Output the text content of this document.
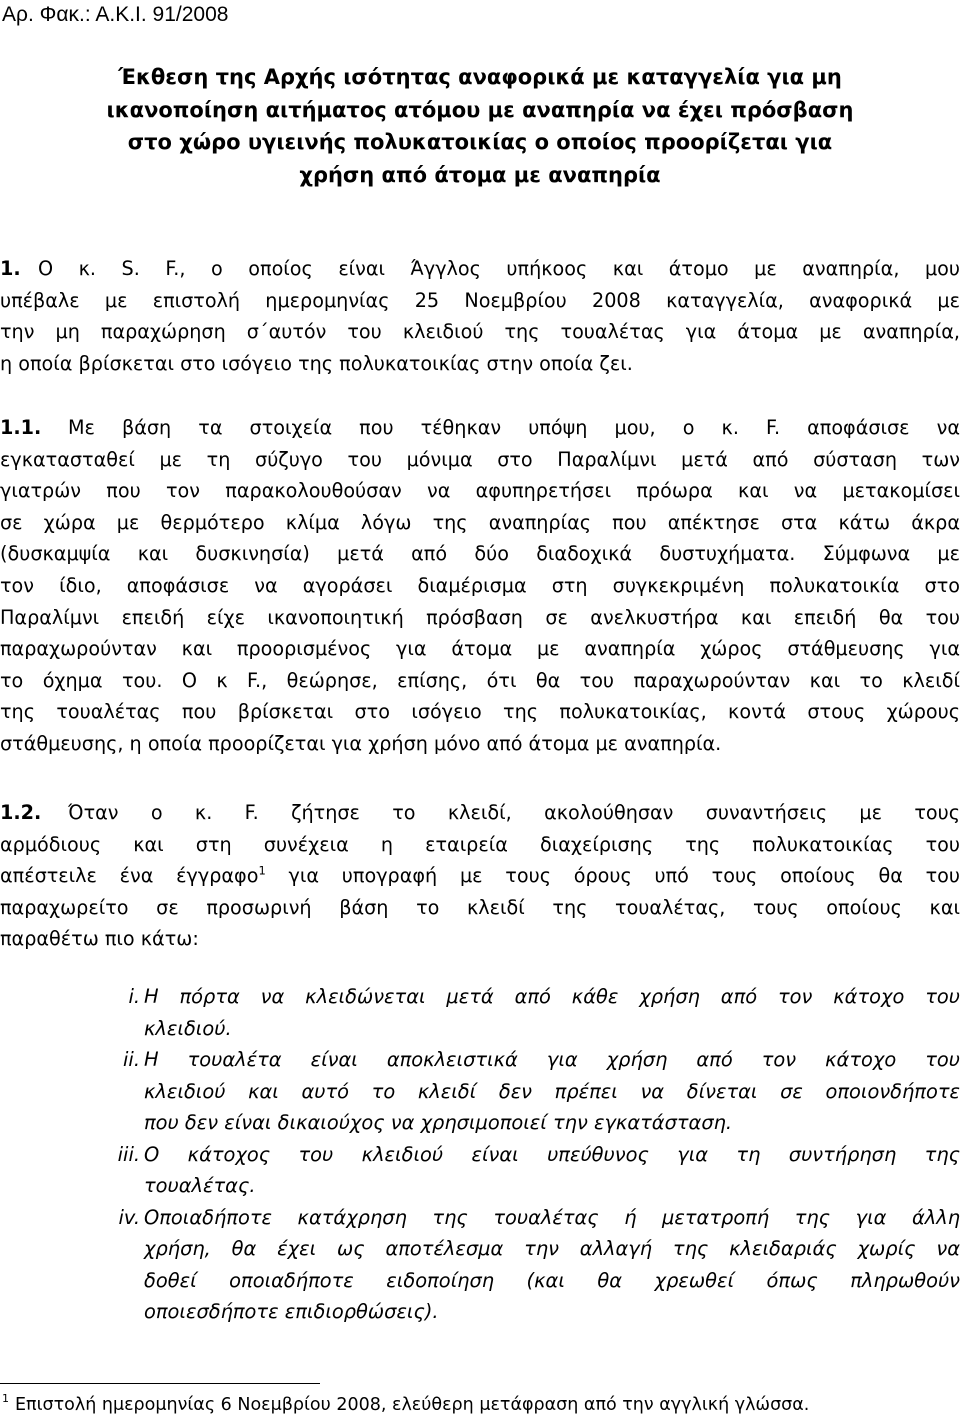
Αρ. Φακ.: Α.Κ.Ι. 91/2008
Έκθεση της Αρχής ισότητας αναφορικά με καταγγελία για μη
ικανοποίηση αιτήματος ατόμου με αναπηρία να έχει πρόσβαση
στο χώρο υγιεινής πολυκατοικίας ο οποίος προορίζεται για
χρήση από άτομα με αναπηρία
1. Ο κ. S. F., ο οποίος είναι Άγγλος υπήκοος και άτομο με αναπηρία, μου
υπέβαλε με επιστολή ημερομηνίας 25 Νοεμβρίου 2008 καταγγελία, αναφορικά με
την μη παραχώρηση σ΄αυτόν του κλειδιού της τουαλέτας για άτομα με αναπηρία,
η οποία βρίσκεται στο ισόγειο της πολυκατοικίας στην οποία ζει.
1.1. Με βάση τα στοιχεία που τέθηκαν υπόψη μου, ο κ. F. αποφάσισε να
εγκατασταθεί με τη σύζυγο του μόνιμα στο Παραλίμνι μετά από σύσταση των
γιατρών που τον παρακολουθούσαν να αφυπηρετήσει πρόωρα και να μετακομίσει
σε χώρα με θερμότερο κλίμα λόγω της αναπηρίας που απέκτησε στα κάτω άκρα
(δυσκαμψία και δυσκινησία) μετά από δύο διαδοχικά δυστυχήματα. Σύμφωνα με
τον ίδιο, αποφάσισε να αγοράσει διαμέρισμα στη συγκεκριμένη πολυκατοικία στο
Παραλίμνι επειδή είχε ικανοποιητική πρόσβαση σε ανελκυστήρα και επειδή θα του
παραχωρούνταν και προορισμένος για άτομα με αναπηρία χώρος στάθμευσης για
το όχημα του. Ο κ F., θεώρησε, επίσης, ότι θα του παραχωρούνταν και το κλειδί
της τουαλέτας που βρίσκεται στο ισόγειο της πολυκατοικίας, κοντά στους χώρους
στάθμευσης, η οποία προορίζεται για χρήση μόνο από άτομα με αναπηρία.
1.2. Όταν ο κ. F. ζήτησε το κλειδί, ακολούθησαν συναντήσεις με τους
αρμόδιους και στη συνέχεια η εταιρεία διαχείρισης της πολυκατοικίας του
απέστειλε ένα έγγραφο$^1$ για υπογραφή με τους όρους υπό τους οποίους θα του
παραχωρείτο σε προσωρινή βάση το κλειδί της τουαλέτας, τους οποίους και
παραθέτω πιο κάτω:
i. Η πόρτα να κλειδώνεται μετά από κάθε χρήση από τον κάτοχο του
κλειδιού.
ii. Η τουαλέτα είναι αποκλειστικά για χρήση από τον κάτοχο του
κλειδιού και αυτό το κλειδί δεν πρέπει να δίνεται σε οποιονδήποτε
που δεν είναι δικαιούχος να χρησιμοποιεί την εγκατάσταση.
iii. Ο κάτοχος του κλειδιού είναι υπεύθυνος για τη συντήρηση της
τουαλέτας.
iv. Οποιαδήποτε κατάχρηση της τουαλέτας ή μετατροπή της για άλλη
χρήση, θα έχει ως αποτέλεσμα την αλλαγή της κλειδαριάς χωρίς να
δοθεί οποιαδήποτε ειδοποίηση (και θα χρεωθεί όπως πληρωθούν
οποιεσδήποτε επιδιορθώσεις).
$^1$ Επιστολή ημερομηνίας 6 Νοεμβρίου 2008, ελεύθερη μετάφραση από την αγγλική γλώσσα.
